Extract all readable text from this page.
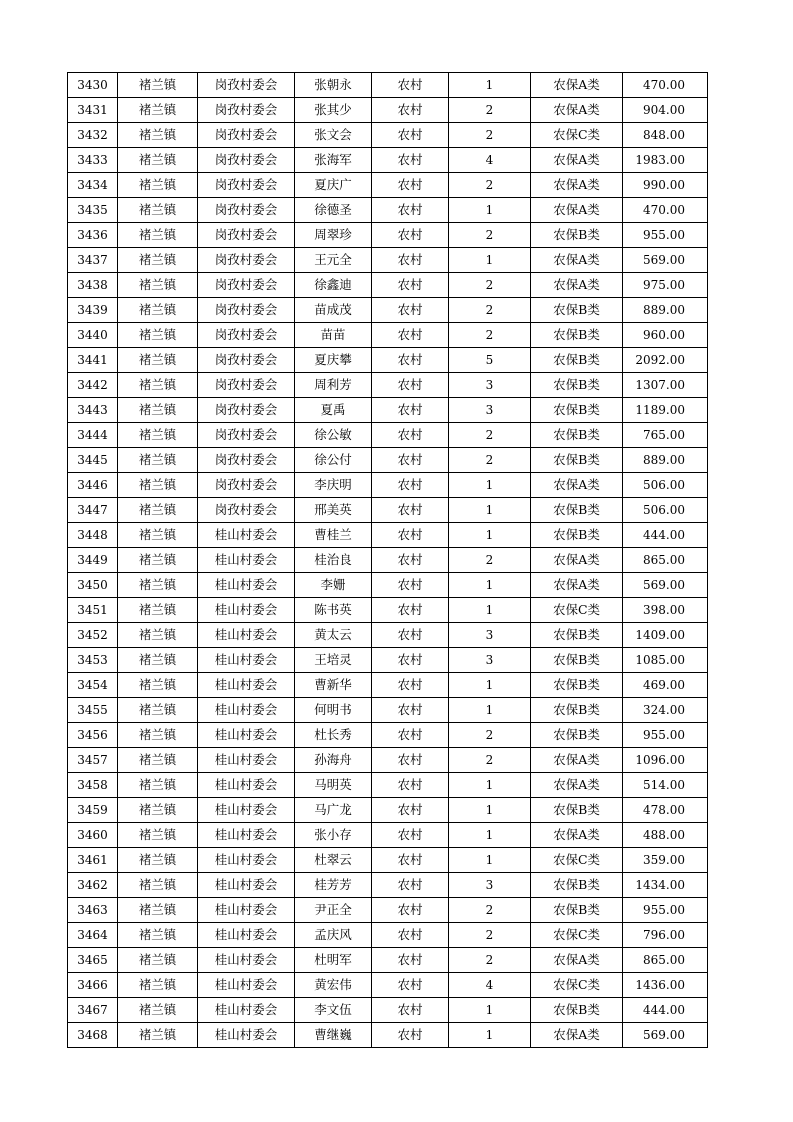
3430	褚兰镇	岗孜村委会	张朝永	农村	1	农保A类	470.00
3431	褚兰镇	岗孜村委会	张其少	农村	2	农保A类	904.00
3432	褚兰镇	岗孜村委会	张文会	农村	2	农保C类	848.00
3433	褚兰镇	岗孜村委会	张海军	农村	4	农保A类	1983.00
3434	褚兰镇	岗孜村委会	夏庆广	农村	2	农保A类	990.00
3435	褚兰镇	岗孜村委会	徐德圣	农村	1	农保A类	470.00
3436	褚兰镇	岗孜村委会	周翠珍	农村	2	农保B类	955.00
3437	褚兰镇	岗孜村委会	王元全	农村	1	农保A类	569.00
3438	褚兰镇	岗孜村委会	徐鑫迪	农村	2	农保A类	975.00
3439	褚兰镇	岗孜村委会	苗成茂	农村	2	农保B类	889.00
3440	褚兰镇	岗孜村委会	苗苗	农村	2	农保B类	960.00
3441	褚兰镇	岗孜村委会	夏庆攀	农村	5	农保B类	2092.00
3442	褚兰镇	岗孜村委会	周利芳	农村	3	农保B类	1307.00
3443	褚兰镇	岗孜村委会	夏禹	农村	3	农保B类	1189.00
3444	褚兰镇	岗孜村委会	徐公敏	农村	2	农保B类	765.00
3445	褚兰镇	岗孜村委会	徐公付	农村	2	农保B类	889.00
3446	褚兰镇	岗孜村委会	李庆明	农村	1	农保A类	506.00
3447	褚兰镇	岗孜村委会	邢美英	农村	1	农保B类	506.00
3448	褚兰镇	桂山村委会	曹桂兰	农村	1	农保B类	444.00
3449	褚兰镇	桂山村委会	桂治良	农村	2	农保A类	865.00
3450	褚兰镇	桂山村委会	李姗	农村	1	农保A类	569.00
3451	褚兰镇	桂山村委会	陈书英	农村	1	农保C类	398.00
3452	褚兰镇	桂山村委会	黄太云	农村	3	农保B类	1409.00
3453	褚兰镇	桂山村委会	王培灵	农村	3	农保B类	1085.00
3454	褚兰镇	桂山村委会	曹新华	农村	1	农保B类	469.00
3455	褚兰镇	桂山村委会	何明书	农村	1	农保B类	324.00
3456	褚兰镇	桂山村委会	杜长秀	农村	2	农保B类	955.00
3457	褚兰镇	桂山村委会	孙海舟	农村	2	农保A类	1096.00
3458	褚兰镇	桂山村委会	马明英	农村	1	农保A类	514.00
3459	褚兰镇	桂山村委会	马广龙	农村	1	农保B类	478.00
3460	褚兰镇	桂山村委会	张小存	农村	1	农保A类	488.00
3461	褚兰镇	桂山村委会	杜翠云	农村	1	农保C类	359.00
3462	褚兰镇	桂山村委会	桂芳芳	农村	3	农保B类	1434.00
3463	褚兰镇	桂山村委会	尹正全	农村	2	农保B类	955.00
3464	褚兰镇	桂山村委会	孟庆风	农村	2	农保C类	796.00
3465	褚兰镇	桂山村委会	杜明军	农村	2	农保A类	865.00
3466	褚兰镇	桂山村委会	黄宏伟	农村	4	农保C类	1436.00
3467	褚兰镇	桂山村委会	李文伍	农村	1	农保B类	444.00
3468	褚兰镇	桂山村委会	曹继巍	农村	1	农保A类	569.00
